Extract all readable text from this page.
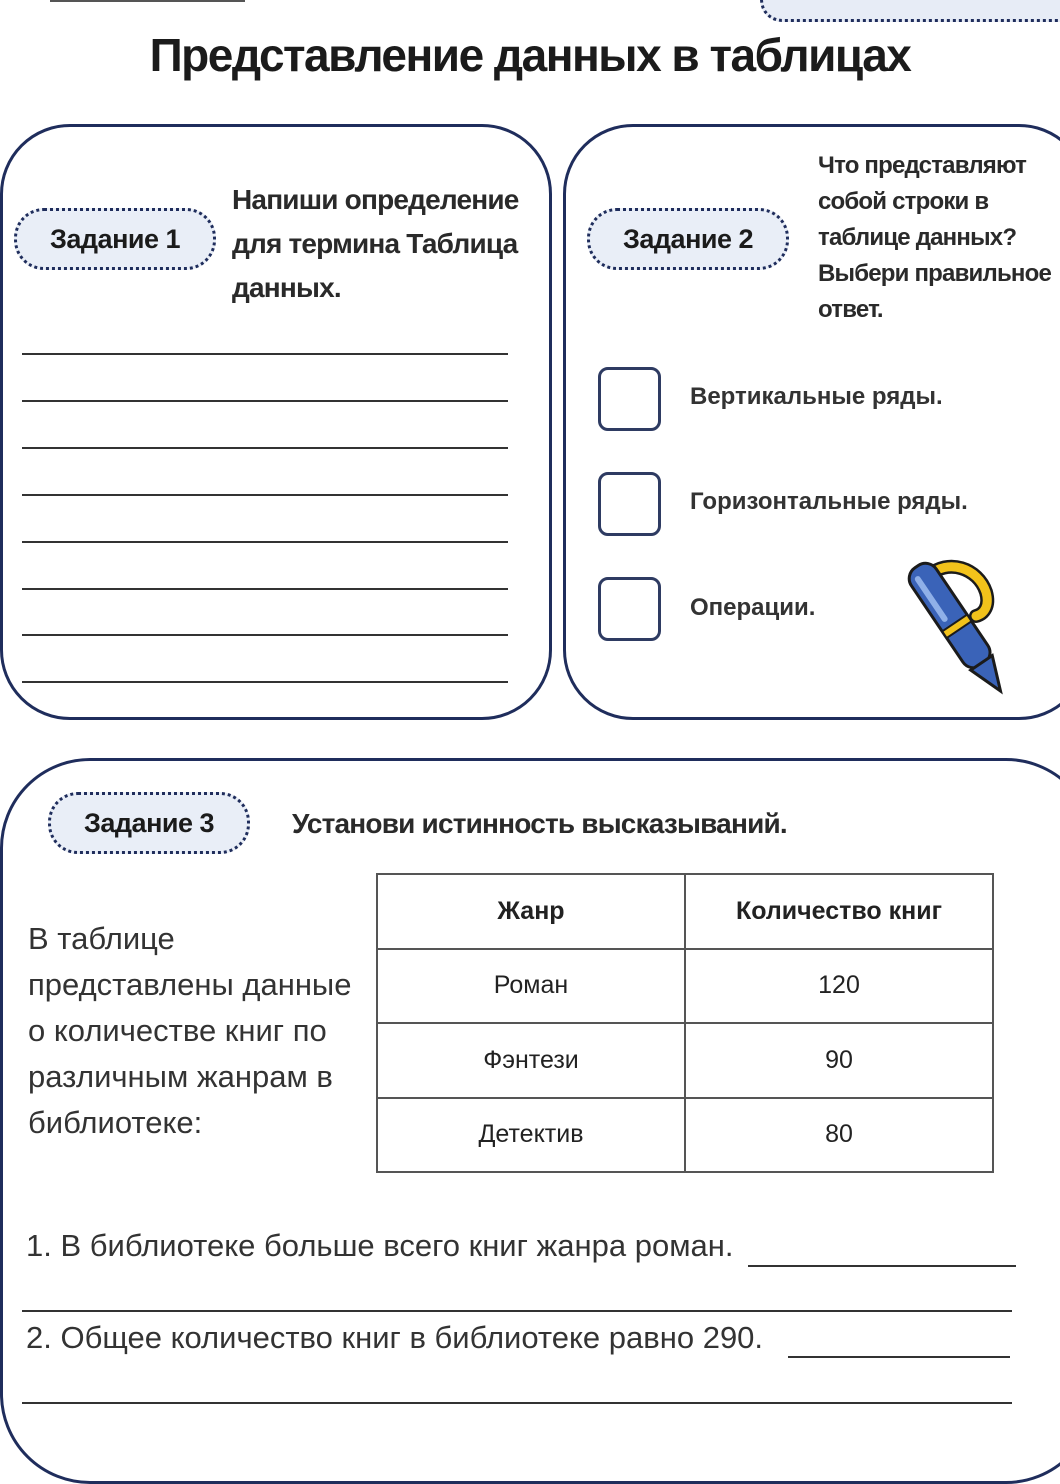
Представление данных в таблицах
Задание 1
Напиши определение для термина Таблица данных.
Задание 2
Что представляют собой строки в таблице данных? Выбери правильное ответ.
Вертикальные ряды.
Горизонтальные ряды.
Операции.
Задание 3	Установи истинность высказываний.
В таблице представлены данные о количестве книг по различным жанрам в библиотеке:
Жанр	Количество книг
Роман	120
Фэнтези	90
Детектив	80
1. В библиотеке больше всего книг жанра роман.
2. Общее количество книг в библиотеке равно 290.
